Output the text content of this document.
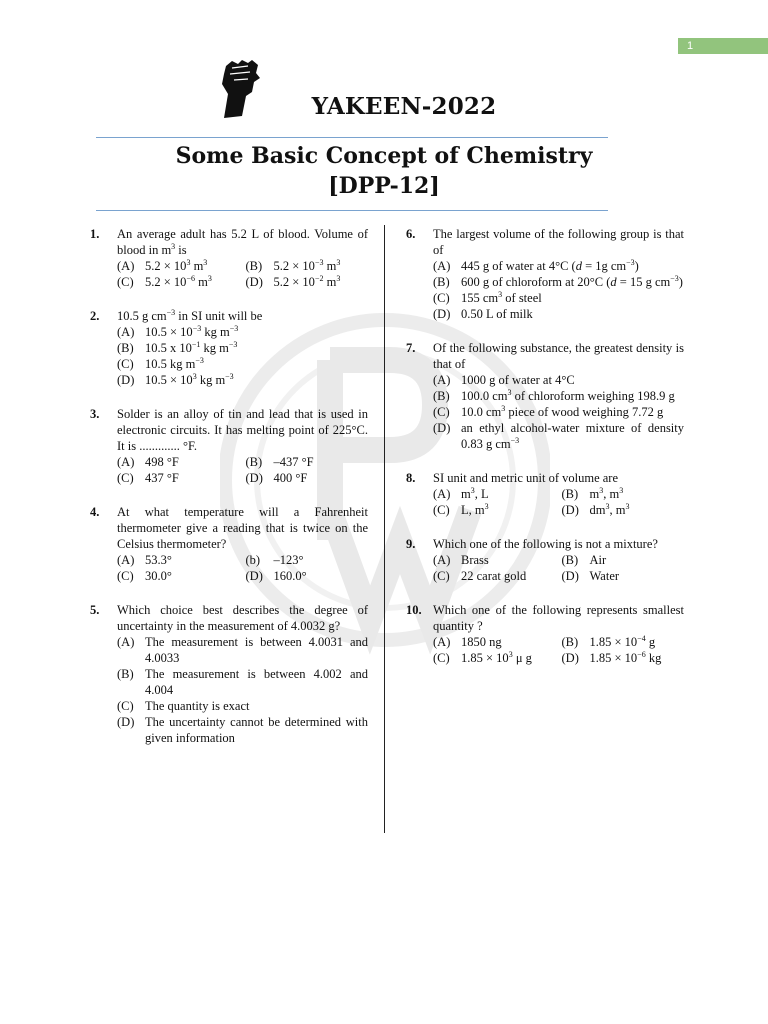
1
YAKEEN-2022
Some Basic Concept of Chemistry
[DPP-12]
1. An average adult has 5.2 L of blood. Volume of blood in $m^3$ is
(A) $5.2 \times 10^3$ $m^3$	(B) $5.2 \times 10^{-3}$ $m^3$
(C) $5.2 \times 10^{-6}$ $m^3$	(D) $5.2 \times 10^{-2}$ $m^3$
2. 10.5 g $cm^{-3}$ in SI unit will be
(A) $10.5 \times 10^{-3}$ kg $m^{-3}$
(B) 10.5 x $10^{-1}$ kg $m^{-3}$
(C) 10.5 kg $m^{-3}$
(D) $10.5 \times 10^3$ kg $m^{-3}$
3. Solder is an alloy of tin and lead that is used in electronic circuits. It has melting point of 225°C. It is ............. °F.
(A) 498 °F	(B) –437 °F
(C) 437 °F	(D) 400 °F
4. At what temperature will a Fahrenheit thermometer give a reading that is twice on the Celsius thermometer?
(A) 53.3°	(b) –123°
(C) 30.0°	(D) 160.0°
5. Which choice best describes the degree of uncertainty in the measurement of 4.0032 g?
(A) The measurement is between 4.0031 and 4.0033
(B) The measurement is between 4.002 and 4.004
(C) The quantity is exact
(D) The uncertainty cannot be determined with given information
6. The largest volume of the following group is that of
(A) 445 g of water at 4°C (d = 1g $cm^{-3}$)
(B) 600 g of chloroform at 20°C (d = 15 g $cm^{-3}$)
(C) 155 $cm^3$ of steel
(D) 0.50 L of milk
7. Of the following substance, the greatest density is that of
(A) 1000 g of water at 4°C
(B) 100.0 $cm^3$ of chloroform weighing 198.9 g
(C) 10.0 $cm^3$ piece of wood weighing 7.72 g
(D) an ethyl alcohol-water mixture of density 0.83 g $cm^{-3}$
8. SI unit and metric unit of volume are
(A) $m^3$, L	(B) $m^3$, $m^3$
(C) L, $m^3$	(D) $dm^3$, $m^3$
9. Which one of the following is not a mixture?
(A) Brass	(B) Air
(C) 22 carat gold	(D) Water
10. Which one of the following represents smallest quantity ?
(A) 1850 ng	(B) $1.85 \times 10^{-4}$ g
(C) $1.85 \times 10^3$ μ g	(D) $1.85 \times 10^{-6}$ kg
